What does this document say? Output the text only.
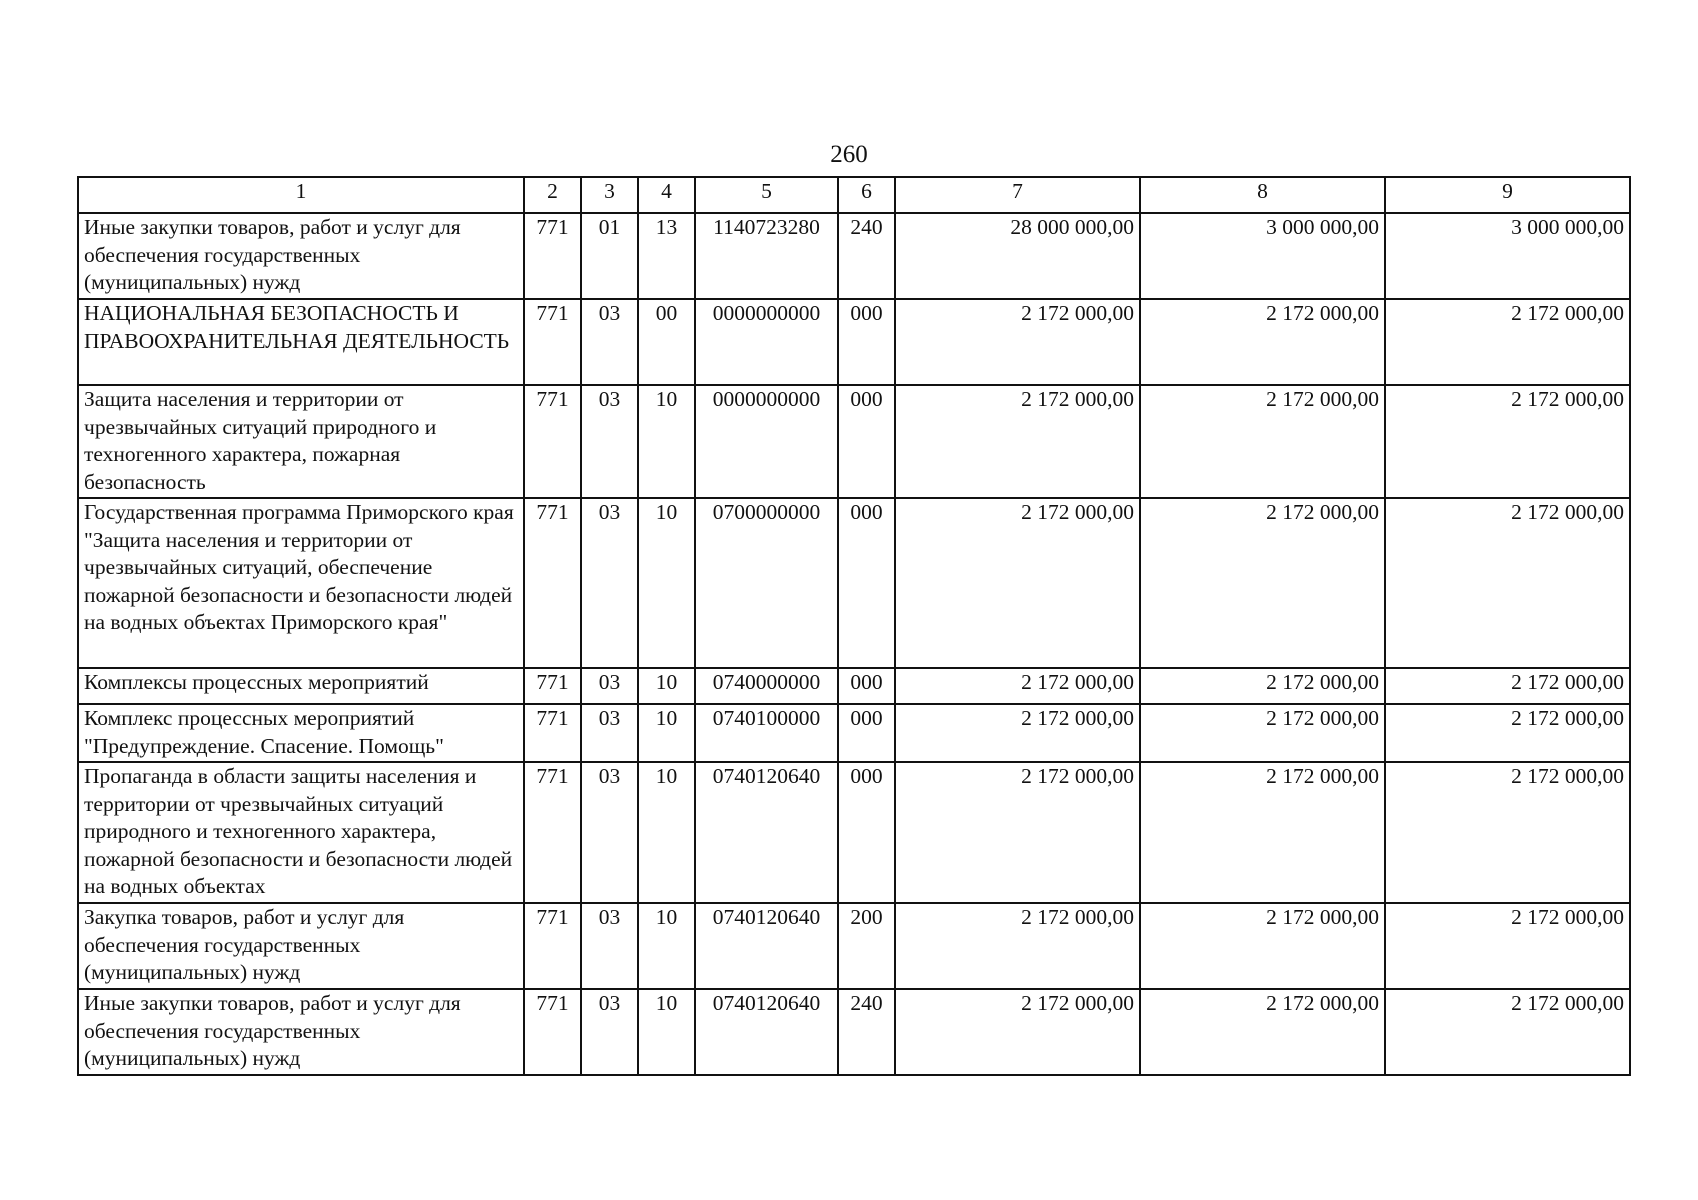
260
1	2	3	4	5	6	7	8	9
Иные закупки товаров, работ и услуг для обеспечения государственных (муниципальных) нужд	771	01	13	1140723280	240	28 000 000,00	3 000 000,00	3 000 000,00
НАЦИОНАЛЬНАЯ БЕЗОПАСНОСТЬ И ПРАВООХРАНИТЕЛЬНАЯ ДЕЯТЕЛЬНОСТЬ	771	03	00	0000000000	000	2 172 000,00	2 172 000,00	2 172 000,00
Защита населения и территории от чрезвычайных ситуаций природного и техногенного характера, пожарная безопасность	771	03	10	0000000000	000	2 172 000,00	2 172 000,00	2 172 000,00
Государственная программа Приморского края "Защита населения и территории от чрезвычайных ситуаций, обеспечение пожарной безопасности и безопасности людей на водных объектах Приморского края"	771	03	10	0700000000	000	2 172 000,00	2 172 000,00	2 172 000,00
Комплексы процессных мероприятий	771	03	10	0740000000	000	2 172 000,00	2 172 000,00	2 172 000,00
Комплекс процессных мероприятий "Предупреждение. Спасение. Помощь"	771	03	10	0740100000	000	2 172 000,00	2 172 000,00	2 172 000,00
Пропаганда в области защиты населения и территории от чрезвычайных ситуаций природного и техногенного характера, пожарной безопасности и безопасности людей на водных объектах	771	03	10	0740120640	000	2 172 000,00	2 172 000,00	2 172 000,00
Закупка товаров, работ и услуг для обеспечения государственных (муниципальных) нужд	771	03	10	0740120640	200	2 172 000,00	2 172 000,00	2 172 000,00
Иные закупки товаров, работ и услуг для обеспечения государственных (муниципальных) нужд	771	03	10	0740120640	240	2 172 000,00	2 172 000,00	2 172 000,00
